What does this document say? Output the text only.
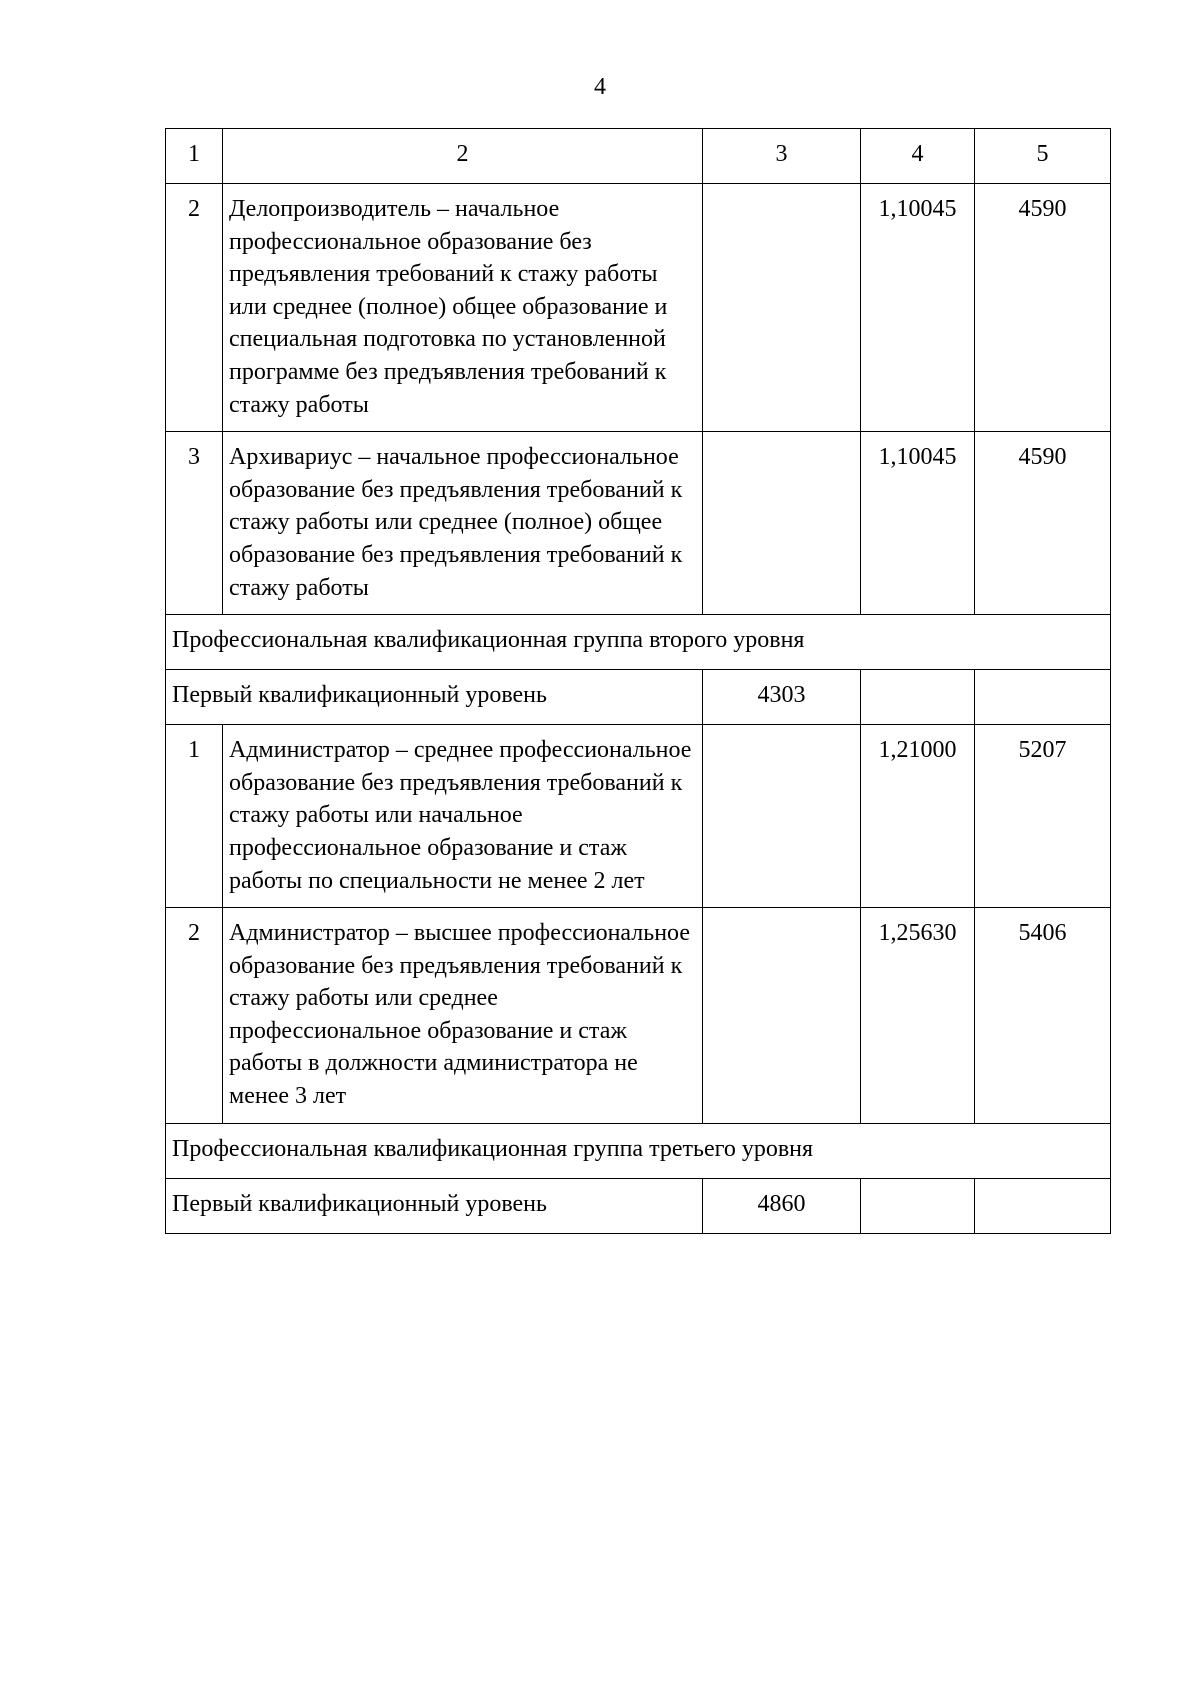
4
1	2	3	4	5
2	Делопроизводитель – начальное профессиональное образование без предъявления требований к стажу работы или среднее (полное) общее образование и специальная подготовка по установленной программе без предъявления требований к стажу работы		1,10045	4590
3	Архивариус – начальное профессиональное образование без предъявления требований к стажу работы или среднее (полное) общее образование без предъявления требований к стажу работы		1,10045	4590
Профессиональная квалификационная группа второго уровня				
Первый квалификационный уровень		4303		
1	Администратор – среднее профессиональное образование без предъявления требований к стажу работы или начальное профессиональное образование и стаж работы по специальности не менее 2 лет		1,21000	5207
2	Администратор – высшее профессиональное образование без предъявления требований к стажу работы или среднее профессиональное образование и стаж работы в должности администратора не менее 3 лет		1,25630	5406
Профессиональная квалификационная группа третьего уровня				
Первый квалификационный уровень		4860		
